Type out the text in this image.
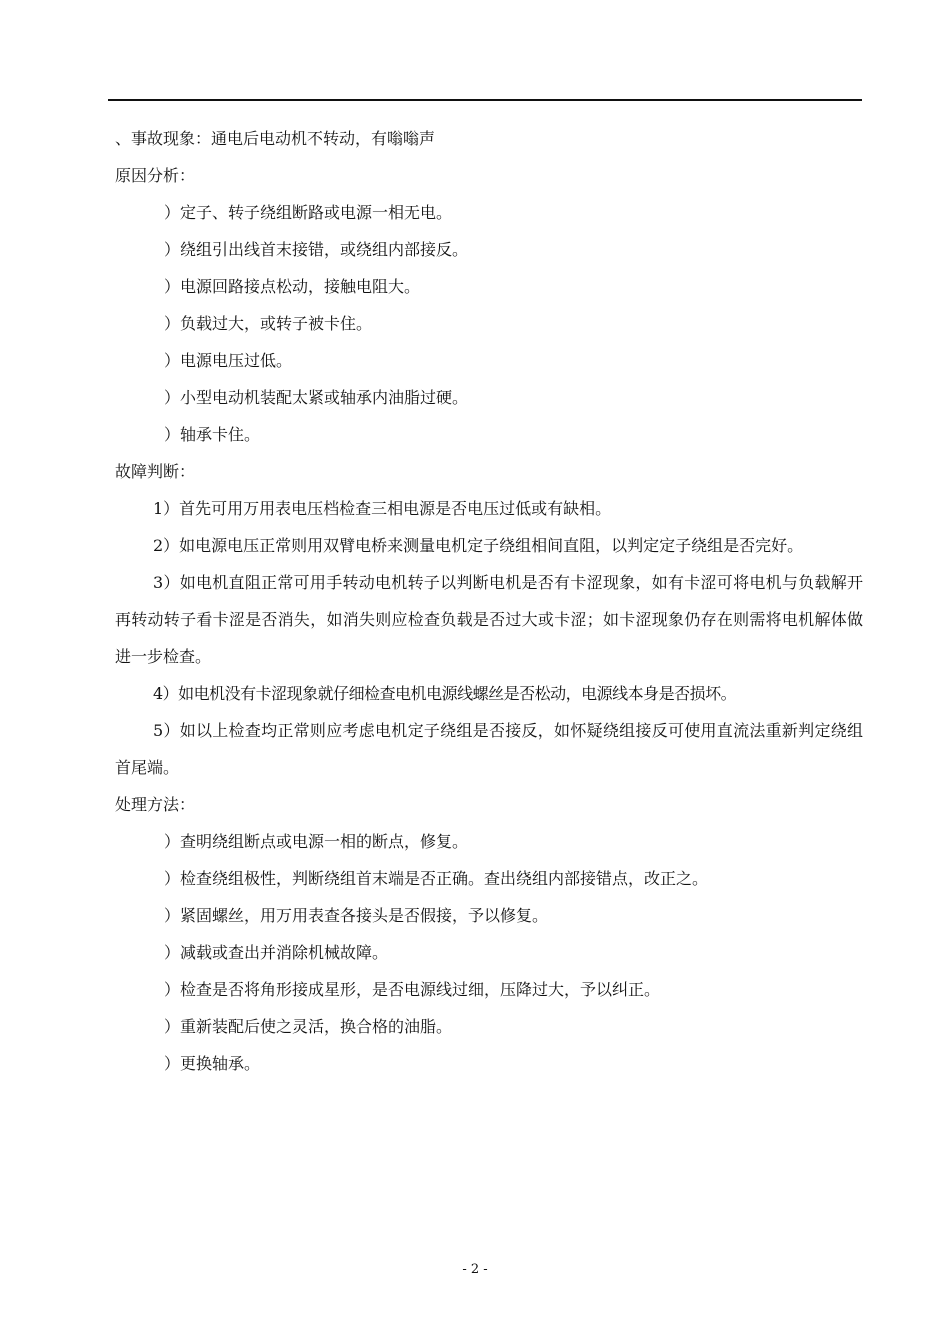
、事故现象：通电后电动机不转动，有嗡嗡声

原因分析：

）定子、转子绕组断路或电源一相无电。

）绕组引出线首末接错，或绕组内部接反。

）电源回路接点松动，接触电阻大。

）负载过大，或转子被卡住。

）电源电压过低。

）小型电动机装配太紧或轴承内油脂过硬。

）轴承卡住。

故障判断：

1）首先可用万用表电压档检查三相电源是否电压过低或有缺相。

2）如电源电压正常则用双臂电桥来测量电机定子绕组相间直阻，以判定定子绕组是否完好。

3）如电机直阻正常可用手转动电机转子以判断电机是否有卡涩现象，如有卡涩可将电机与负载解开再转动转子看卡涩是否消失，如消失则应检查负载是否过大或卡涩；如卡涩现象仍存在则需将电机解体做进一步检查。

4）如电机没有卡涩现象就仔细检查电机电源线螺丝是否松动，电源线本身是否损坏。

5）如以上检查均正常则应考虑电机定子绕组是否接反，如怀疑绕组接反可使用直流法重新判定绕组首尾端。

处理方法：

）查明绕组断点或电源一相的断点，修复。

）检查绕组极性，判断绕组首末端是否正确。查出绕组内部接错点，改正之。

）紧固螺丝，用万用表查各接头是否假接，予以修复。

）减载或查出并消除机械故障。

）检查是否将角形接成星形，是否电源线过细，压降过大，予以纠正。

）重新装配后使之灵活，换合格的油脂。

）更换轴承。

- 2 -
